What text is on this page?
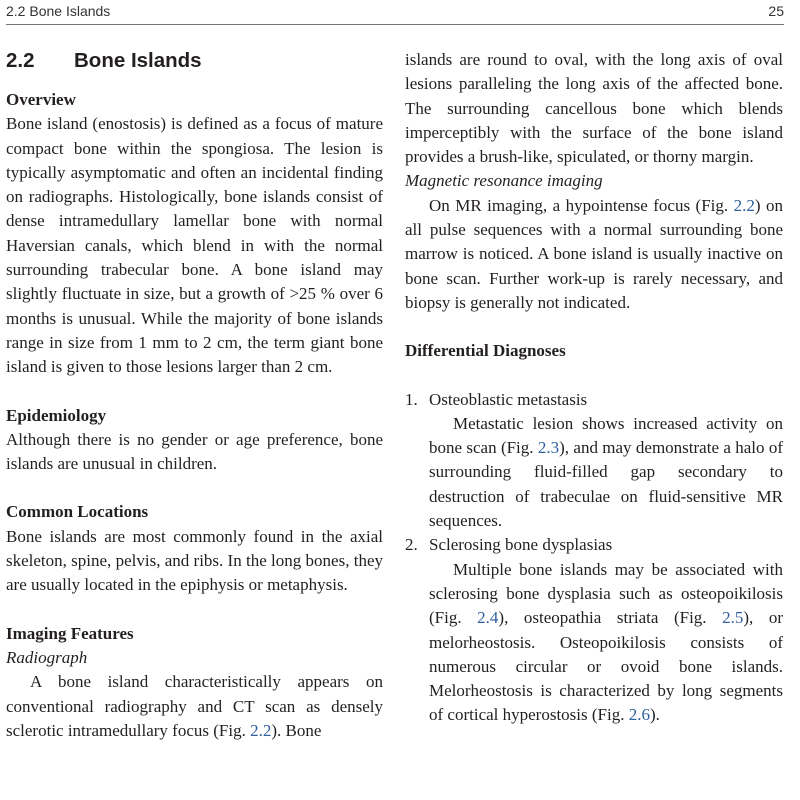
2.2 Bone Islands	25
2.2 Bone Islands
Overview

Bone island (enostosis) is defined as a focus of mature compact bone within the spongiosa. The lesion is typically asymptomatic and often an incidental finding on radiographs. Histologically, bone islands consist of dense intramedullary lamellar bone with normal Haversian canals, which blend in with the normal surrounding trabecular bone. A bone island may slightly fluctuate in size, but a growth of >25 % over 6 months is unusual. While the majority of bone islands range in size from 1 mm to 2 cm, the term giant bone island is given to those lesions larger than 2 cm.

Epidemiology

Although there is no gender or age preference, bone islands are unusual in children.

Common Locations

Bone islands are most commonly found in the axial skeleton, spine, pelvis, and ribs. In the long bones, they are usually located in the epiphysis or metaphysis.

Imaging Features
Radiograph

A bone island characteristically appears on conventional radiography and CT scan as densely sclerotic intramedullary focus (Fig. 2.2). Bone

islands are round to oval, with the long axis of oval lesions paralleling the long axis of the affected bone. The surrounding cancellous bone which blends imperceptibly with the surface of the bone island provides a brush-like, spiculated, or thorny margin.

Magnetic resonance imaging

On MR imaging, a hypointense focus (Fig. 2.2) on all pulse sequences with a normal surrounding bone marrow is noticed. A bone island is usually inactive on bone scan. Further work-up is rarely necessary, and biopsy is generally not indicated.

Differential Diagnoses
1. Osteoblastic metastasis

Metastatic lesion shows increased activity on bone scan (Fig. 2.3), and may demonstrate a halo of surrounding fluid-filled gap secondary to destruction of trabeculae on fluid-sensitive MR sequences.

2. Sclerosing bone dysplasias

Multiple bone islands may be associated with sclerosing bone dysplasia such as osteopoikilosis (Fig. 2.4), osteopathia striata (Fig. 2.5), or melorheostosis. Osteopoikilosis consists of numerous circular or ovoid bone islands. Melorheostosis is characterized by long segments of cortical hyperostosis (Fig. 2.6).
